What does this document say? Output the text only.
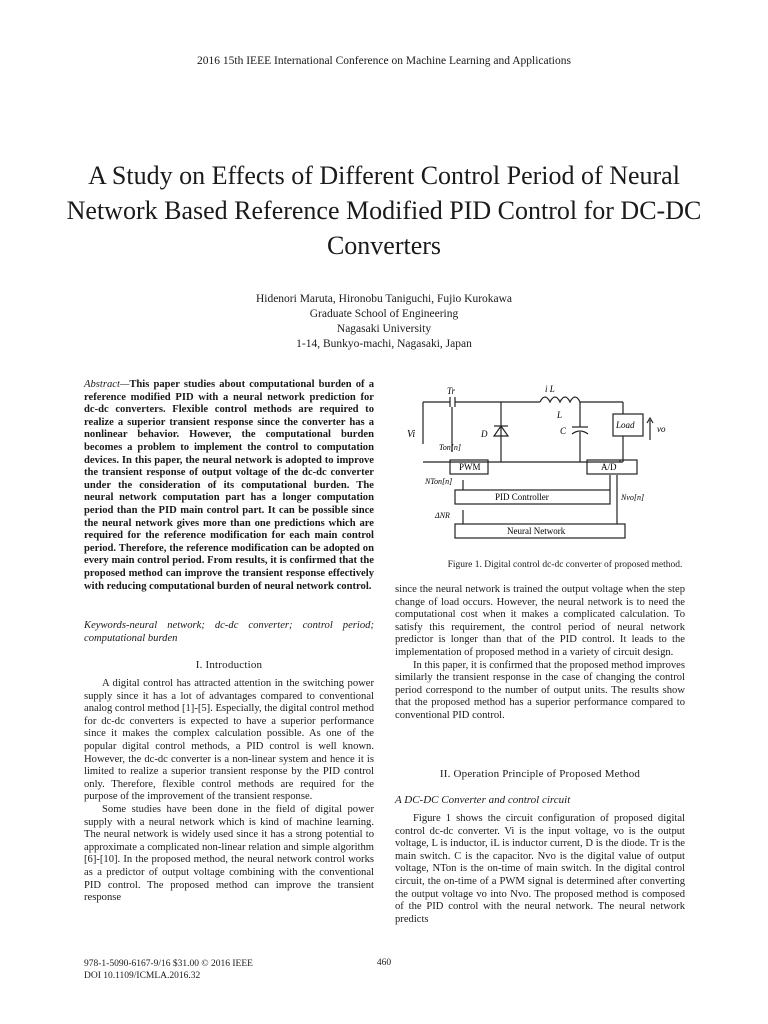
2016 15th IEEE International Conference on Machine Learning and Applications
A Study on Effects of Different Control Period of Neural Network Based Reference Modified PID Control for DC-DC Converters
Hidenori Maruta, Hironobu Taniguchi, Fujio Kurokawa
Graduate School of Engineering
Nagasaki University
1-14, Bunkyo-machi, Nagasaki, Japan
Abstract—This paper studies about computational burden of a reference modified PID with a neural network prediction for dc-dc converters. Flexible control methods are required to realize a superior transient response since the converter has a nonlinear behavior. However, the computational burden becomes a problem to implement the control to computation devices. In this paper, the neural network is adopted to improve the transient response of output voltage of the dc-dc converter under the consideration of its computational burden. The neural network computation part has a longer computation period than the PID main control part. It can be possible since the neural network gives more than one predictions which are required for the reference modification for each main control period. Therefore, the reference modification can be adopted on every main control period. From results, it is confirmed that the proposed method can improve the transient response effectively with reducing computational burden of neural network control.
Keywords-neural network; dc-dc converter; control period; computational burden
I. Introduction

A digital control has attracted attention in the switching power supply since it has a lot of advantages compared to conventional analog control method [1]-[5]. Especially, the digital control method for dc-dc converters is expected to have a superior performance since it makes the complex calculation possible. As one of the popular digital control methods, a PID control is well known. However, the dc-dc converter is a non-linear system and hence it is limited to realize a superior transient response by the PID control only. Therefore, flexible control methods are required for the purpose of the improvement of the transient response.

Some studies have been done in the field of digital power supply with a neural network which is kind of machine learning. The neural network is widely used since it has a strong potential to approximate a complicated non-linear relation and simple algorithm [6]-[10]. In the proposed method, the neural network control works as a predictor of output voltage combining with the conventional PID control. The proposed method can improve the transient response

Tr	i L
L
Vi	D	C
Load vo
Ton[n]
PWM	A/D
NTon[n]
PID Controller	Nvo[n]
ΔNR
Neural Network
Figure 1. Digital control dc-dc converter of proposed method.

since the neural network is trained the output voltage when the step change of load occurs. However, the neural network is to need the computational cost when it makes a complicated calculation. To satisfy this requirement, the control period of neural network predictor is longer than that of the PID control. It leads to the implementation of proposed method in a variety of circuit design.

In this paper, it is confirmed that the proposed method improves similarly the transient response in the case of changing the control period correspond to the number of output units. The results show that the proposed method has a superior performance compared to conventional PID control.

II. Operation Principle of Proposed Method
A DC-DC Converter and control circuit

Figure 1 shows the circuit configuration of proposed digital control dc-dc converter. Vi is the input voltage, vo is the output voltage, L is inductor, iL is inductor current, D is the diode. Tr is the main switch. C is the capacitor. Nvo is the digital value of output voltage, NTon is the on-time of main switch. In the digital control circuit, the on-time of a PWM signal is determined after converting the output voltage vo into Nvo. The proposed method is composed of the PID control with the neural network. The neural network predicts

978-1-5090-6167-9/16 $31.00 © 2016 IEEE
DOI 10.1109/ICMLA.2016.32
460
